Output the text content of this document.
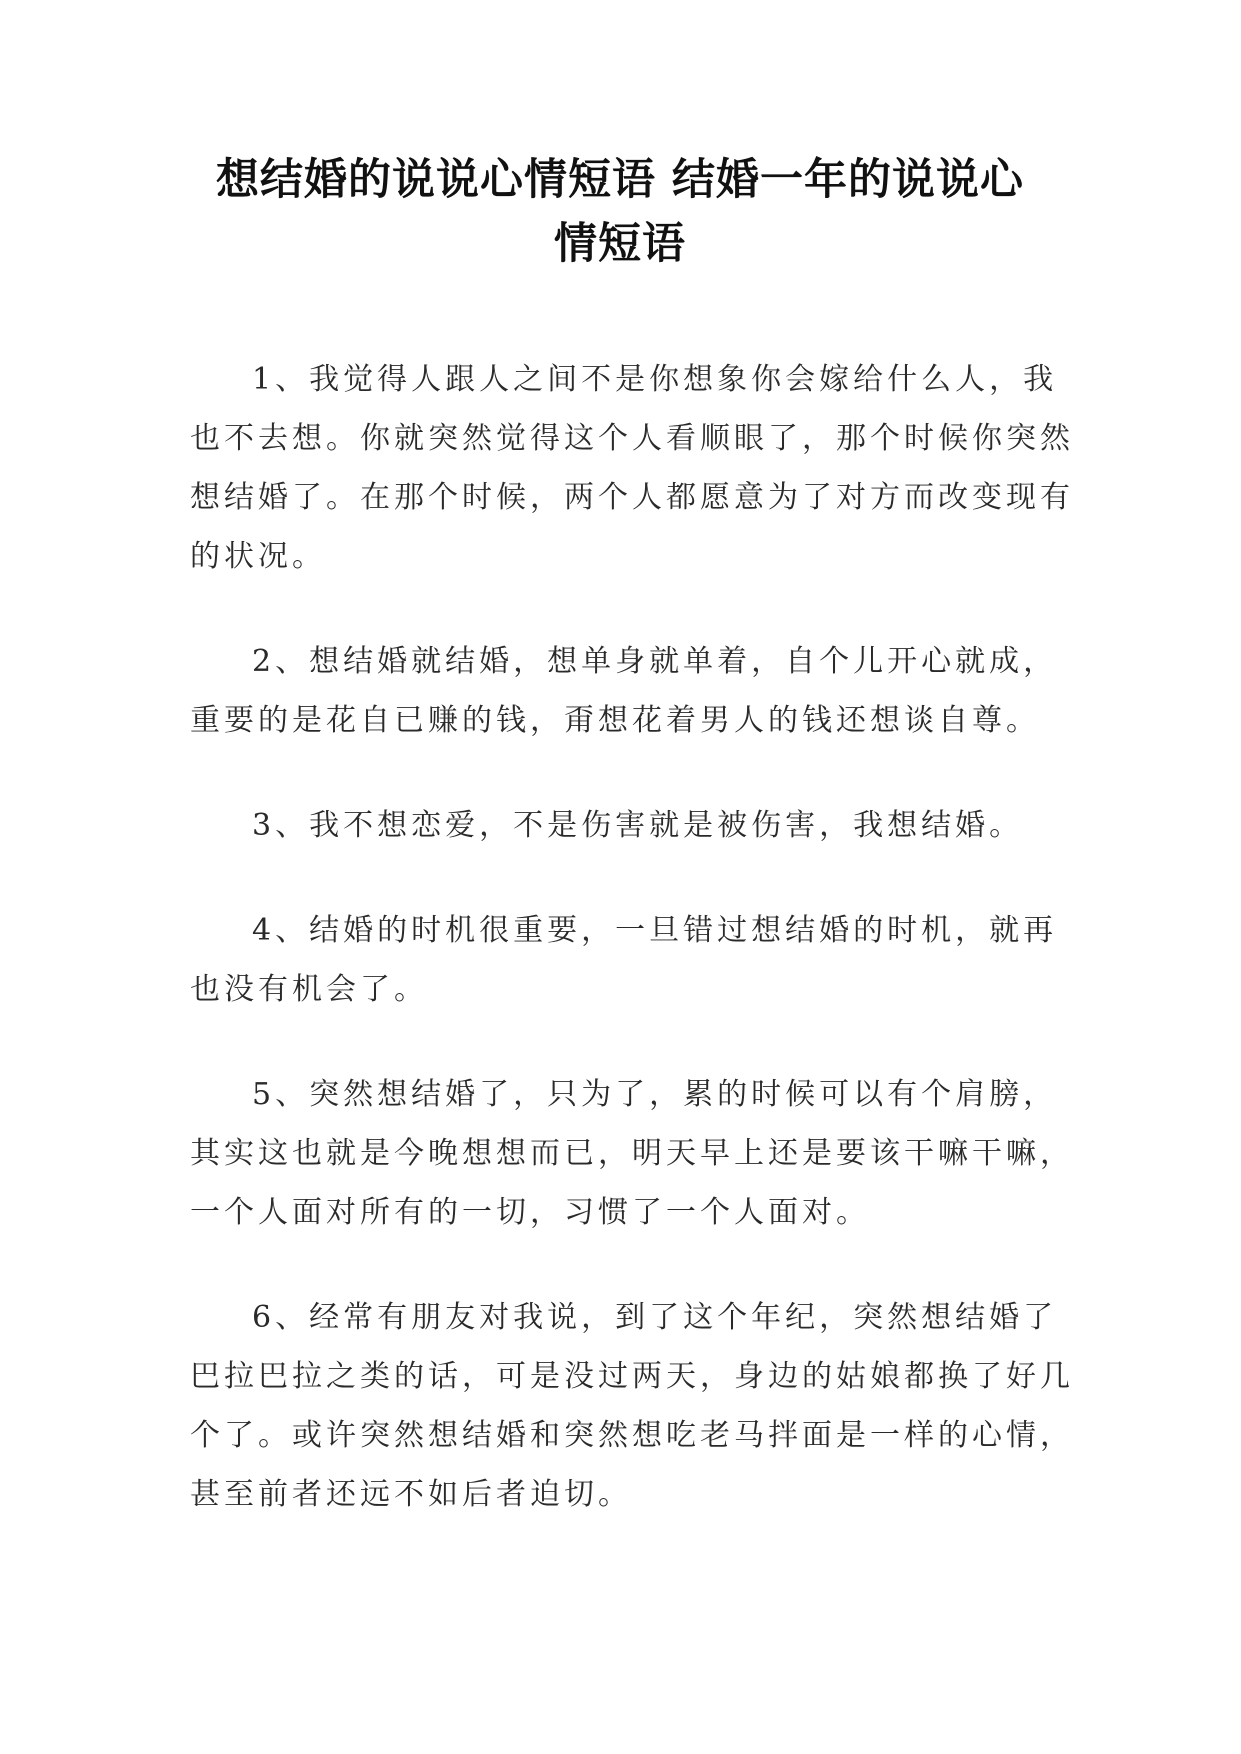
想结婚的说说心情短语 结婚一年的说说心
情短语

1、我觉得人跟人之间不是你想象你会嫁给什么人，我
也不去想。你就突然觉得这个人看顺眼了，那个时候你突然
想结婚了。在那个时候，两个人都愿意为了对方而改变现有
的状况。

2、想结婚就结婚，想单身就单着，自个儿开心就成，
重要的是花自已赚的钱，甭想花着男人的钱还想谈自尊。

3、我不想恋爱，不是伤害就是被伤害，我想结婚。

4、结婚的时机很重要，一旦错过想结婚的时机，就再
也没有机会了。

5、突然想结婚了，只为了，累的时候可以有个肩膀，
其实这也就是今晚想想而已，明天早上还是要该干嘛干嘛，
一个人面对所有的一切，习惯了一个人面对。

6、经常有朋友对我说，到了这个年纪，突然想结婚了
巴拉巴拉之类的话，可是没过两天，身边的姑娘都换了好几
个了。或许突然想结婚和突然想吃老马拌面是一样的心情，
甚至前者还远不如后者迫切。
